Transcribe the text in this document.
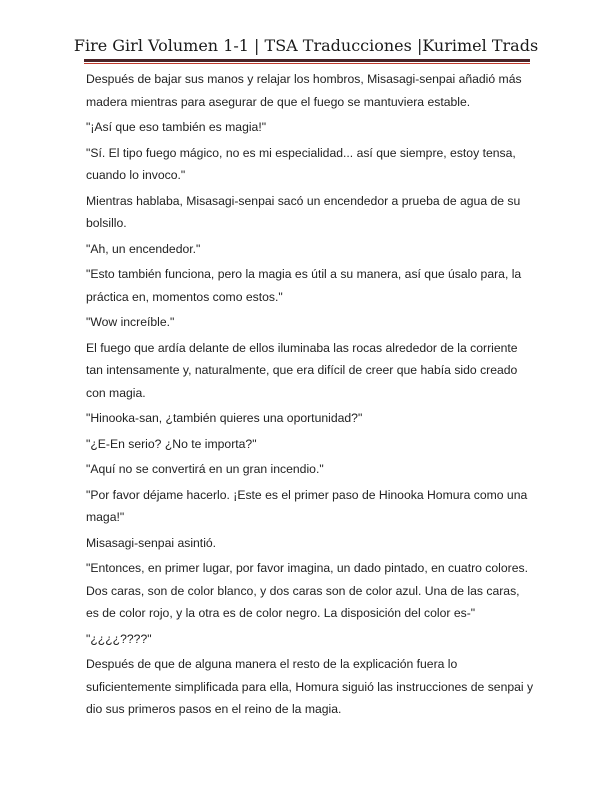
Fire Girl Volumen 1-1 | TSA Traducciones |Kurimel Trads

Después de bajar sus manos y relajar los hombros, Misasagi-senpai añadió más
madera mientras para asegurar de que el fuego se mantuviera estable.

"¡Así que eso también es magia!"

"Sí. El tipo fuego mágico, no es mi especialidad... así que siempre, estoy tensa,
cuando lo invoco."

Mientras hablaba, Misasagi-senpai sacó un encendedor a prueba de agua de su
bolsillo.

"Ah, un encendedor."

"Esto también funciona, pero la magia es útil a su manera, así que úsalo para, la
práctica en, momentos como estos."

"Wow increíble."

El fuego que ardía delante de ellos iluminaba las rocas alrededor de la corriente
tan intensamente y, naturalmente, que era difícil de creer que había sido creado
con magia.

"Hinooka-san, ¿también quieres una oportunidad?"

"¿E-En serio? ¿No te importa?"

"Aquí no se convertirá en un gran incendio."

"Por favor déjame hacerlo. ¡Este es el primer paso de Hinooka Homura como una
maga!"

Misasagi-senpai asintió.

"Entonces, en primer lugar, por favor imagina, un dado pintado, en cuatro colores.
Dos caras, son de color blanco, y dos caras son de color azul. Una de las caras,
es de color rojo, y la otra es de color negro. La disposición del color es-"

"¿¿¿¿????"

Después de que de alguna manera el resto de la explicación fuera lo
suficientemente simplificada para ella, Homura siguió las instrucciones de senpai y
dio sus primeros pasos en el reino de la magia.
